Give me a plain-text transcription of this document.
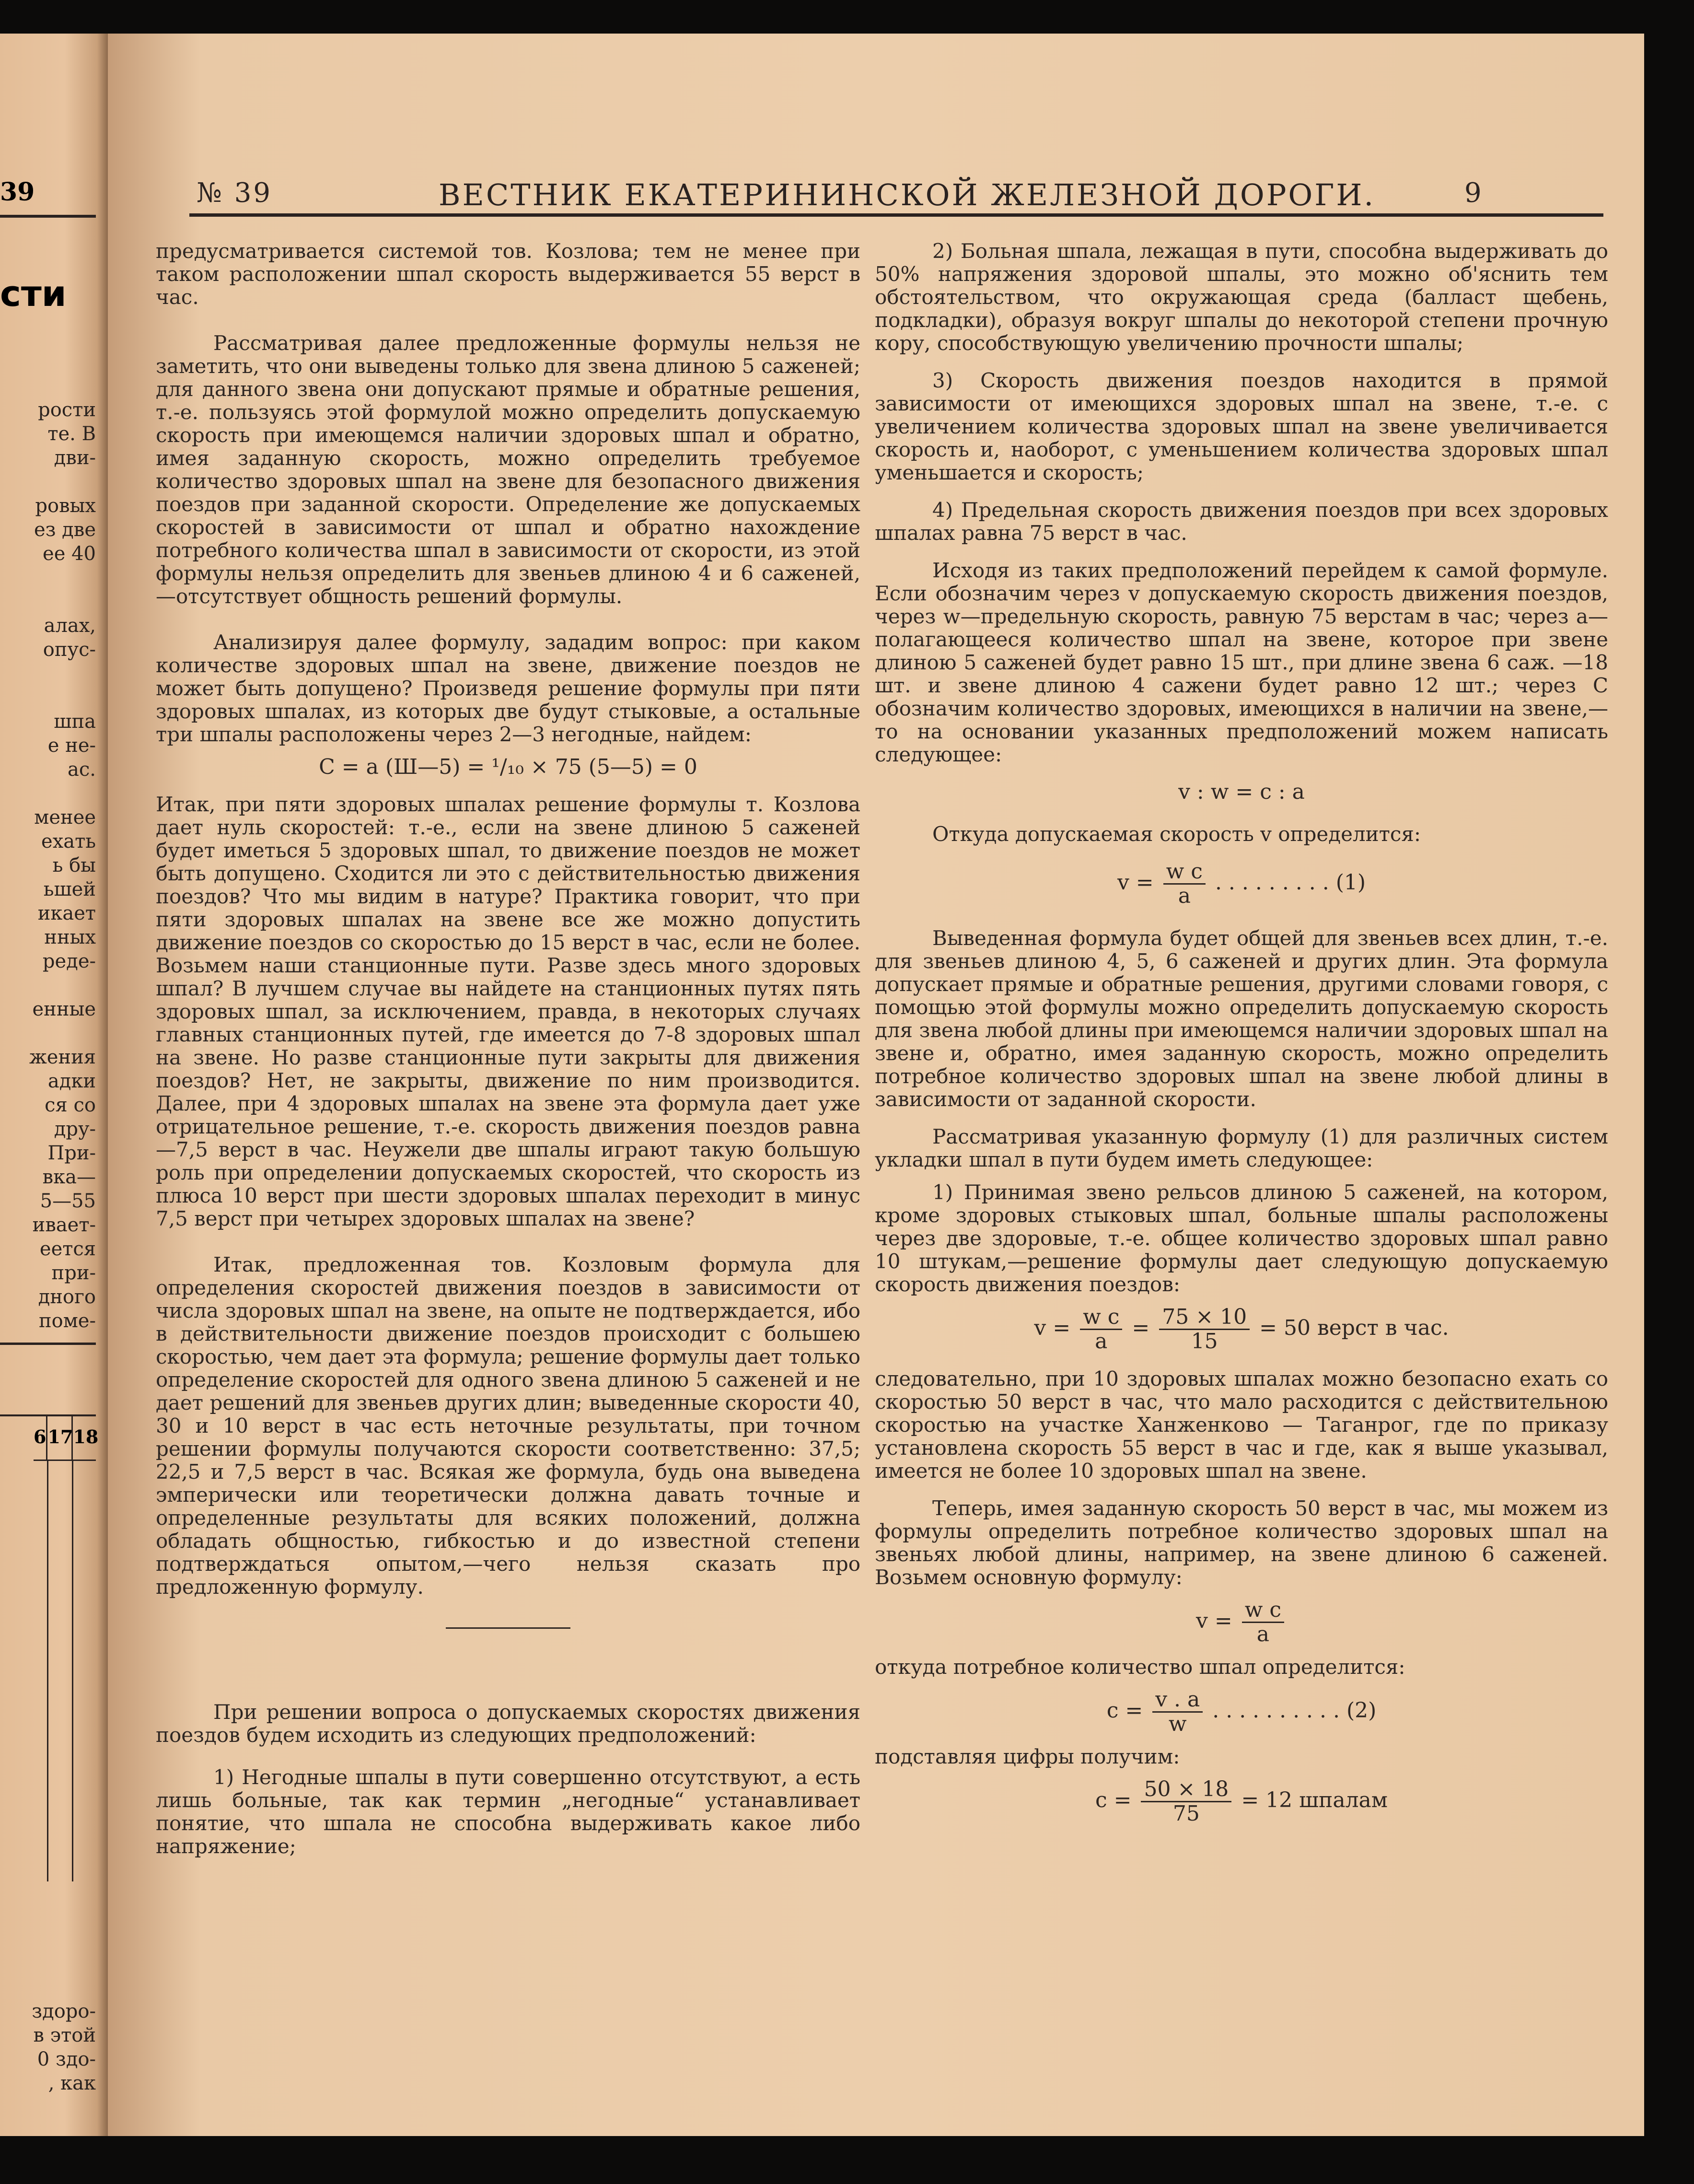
39
сти
рости
те. В
дви-
ровых
ез две
ее 40
алах,
опус-
шпа
е не-
ас.
менее
ехать
ь бы
ьшей
икает
нных
реде-
енные
жения
адки
ся со
дру-
При-
вка—
5—55
ивает-
еется
при-
дного
поме-
6 17 18
здоро-
в этой
0 здо-
, как
№ 39	ВЕСТНИК ЕКАТЕРИНИНСКОЙ ЖЕЛЕЗНОЙ ДОРОГИ.	9

предусматривается системой тов. Козлова; тем не менее при таком расположении шпал скорость выдерживается 55 верст в час.

Рассматривая далее предложенные формулы нельзя не заметить, что они выведены только для звена длиною 5 саженей; для данного звена они допускают прямые и обратные решения, т.-е. пользуясь этой формулой можно определить допускаемую скорость при имеющемся наличии здоровых шпал и обратно, имея заданную скорость, можно определить требуемое количество здоровых шпал на звене для безопасного движения поездов при заданной скорости. Определение же допускаемых скоростей в зависимости от шпал и обратно нахождение потребного количества шпал в зависимости от скорости, из этой формулы нельзя определить для звеньев длиною 4 и 6 саженей,—отсутствует общность решений формулы.

Анализируя далее формулу, зададим вопрос: при каком количестве здоровых шпал на звене, движение поездов не может быть допущено? Произведя решение формулы при пяти здоровых шпалах, из которых две будут стыковые, а остальные три шпалы расположены через 2—3 негодные, найдем:

С = а (Ш—5) = ¹/₁₀ × 75 (5—5) = 0

Итак, при пяти здоровых шпалах решение формулы т. Козлова дает нуль скоростей: т.-е., если на звене длиною 5 саженей будет иметься 5 здоровых шпал, то движение поездов не может быть допущено. Сходится ли это с действительностью движения поездов? Что мы видим в натуре? Практика говорит, что при пяти здоровых шпалах на звене все же можно допустить движение поездов со скоростью до 15 верст в час, если не более. Возьмем наши станционные пути. Разве здесь много здоровых шпал? В лучшем случае вы найдете на станционных путях пять здоровых шпал, за исключением, правда, в некоторых случаях главных станционных путей, где имеется до 7-8 здоровых шпал на звене. Но разве станционные пути закрыты для движения поездов? Нет, не закрыты, движение по ним производится. Далее, при 4 здоровых шпалах на звене эта формула дает уже отрицательное решение, т.-е. скорость движения поездов равна—7,5 верст в час. Неужели две шпалы играют такую большую роль при определении допускаемых скоростей, что скорость из плюса 10 верст при шести здоровых шпалах переходит в минус 7,5 верст при четырех здоровых шпалах на звене?

Итак, предложенная тов. Козловым формула для определения скоростей движения поездов в зависимости от числа здоровых шпал на звене, на опыте не подтверждается, ибо в действительности движение поездов происходит с большею скоростью, чем дает эта формула; решение формулы дает только определение скоростей для одного звена длиною 5 саженей и не дает решений для звеньев других длин; выведенные скорости 40, 30 и 10 верст в час есть неточные результаты, при точном решении формулы получаются скорости соответственно: 37,5; 22,5 и 7,5 верст в час. Всякая же формула, будь она выведена эмперически или теоретически должна давать точные и определенные результаты для всяких положений, должна обладать общностью, гибкостью и до известной степени подтверждаться опытом,—чего нельзя сказать про предложенную формулу.

При решении вопроса о допускаемых скоростях движения поездов будем исходить из следующих предположений:

1) Негодные шпалы в пути совершенно отсутствуют, а есть лишь больные, так как термин „негодные“ устанавливает понятие, что шпала не способна выдерживать какое либо напряжение;

2) Больная шпала, лежащая в пути, способна выдерживать до 50% напряжения здоровой шпалы, это можно об'яснить тем обстоятельством, что окружающая среда (балласт щебень, подкладки), образуя вокруг шпалы до некоторой степени прочную кору, способствующую увеличению прочности шпалы;

3) Скорость движения поездов находится в прямой зависимости от имеющихся здоровых шпал на звене, т.-е. с увеличением количества здоровых шпал на звене увеличивается скорость и, наоборот, с уменьшением количества здоровых шпал уменьшается и скорость;

4) Предельная скорость движения поездов при всех здоровых шпалах равна 75 верст в час.

Исходя из таких предположений перейдем к самой формуле. Если обозначим через v допускаемую скорость движения поездов, через w—предельную скорость, равную 75 верстам в час; через а—полагающееся количество шпал на звене, которое при звене длиною 5 саженей будет равно 15 шт., при длине звена 6 саж. —18 шт. и звене длиною 4 сажени будет равно 12 шт.; через С обозначим количество здоровых, имеющихся в наличии на звене,—то на основании указанных предположений можем написать следующее:

v : w = c : a

Откуда допускаемая скорость v определится:

$v = \frac{\text{w c}}{a}$ . . . . . . . . . (1)

Выведенная формула будет общей для звеньев всех длин, т.-е. для звеньев длиною 4, 5, 6 саженей и других длин. Эта формула допускает прямые и обратные решения, другими словами говоря, с помощью этой формулы можно определить допускаемую скорость для звена любой длины при имеющемся наличии здоровых шпал на звене и, обратно, имея заданную скорость, можно определить потребное количество здоровых шпал на звене любой длины в зависимости от заданной скорости.

Рассматривая указанную формулу (1) для различных систем укладки шпал в пути будем иметь следующее:

1) Принимая звено рельсов длиною 5 саженей, на котором, кроме здоровых стыковых шпал, больные шпалы расположены через две здоровые, т.-е. общее количество здоровых шпал равно 10 штукам,—решение формулы дает следующую допускаемую скорость движения поездов:

$v = \frac{\text{w c}}{a} = \frac{75 \times 10}{15} = 50$ верст в час.

следовательно, при 10 здоровых шпалах можно безопасно ехать со скоростью 50 верст в час, что мало расходится с действительною скоростью на участке Ханженково — Таганрог, где по приказу установлена скорость 55 верст в час и где, как я выше указывал, имеется не более 10 здоровых шпал на звене.

Теперь, имея заданную скорость 50 верст в час, мы можем из формулы определить потребное количество здоровых шпал на звеньях любой длины, например, на звене длиною 6 саженей. Возьмем основную формулу:

$v = \frac{\text{w c}}{a}$

откуда потребное количество шпал определится:

$c = \frac{v . a}{w}$ . . . . . . . . . . (2)

подставляя цифры получим:

$c = \frac{50 \times 18}{75} = 12$ шпалам
